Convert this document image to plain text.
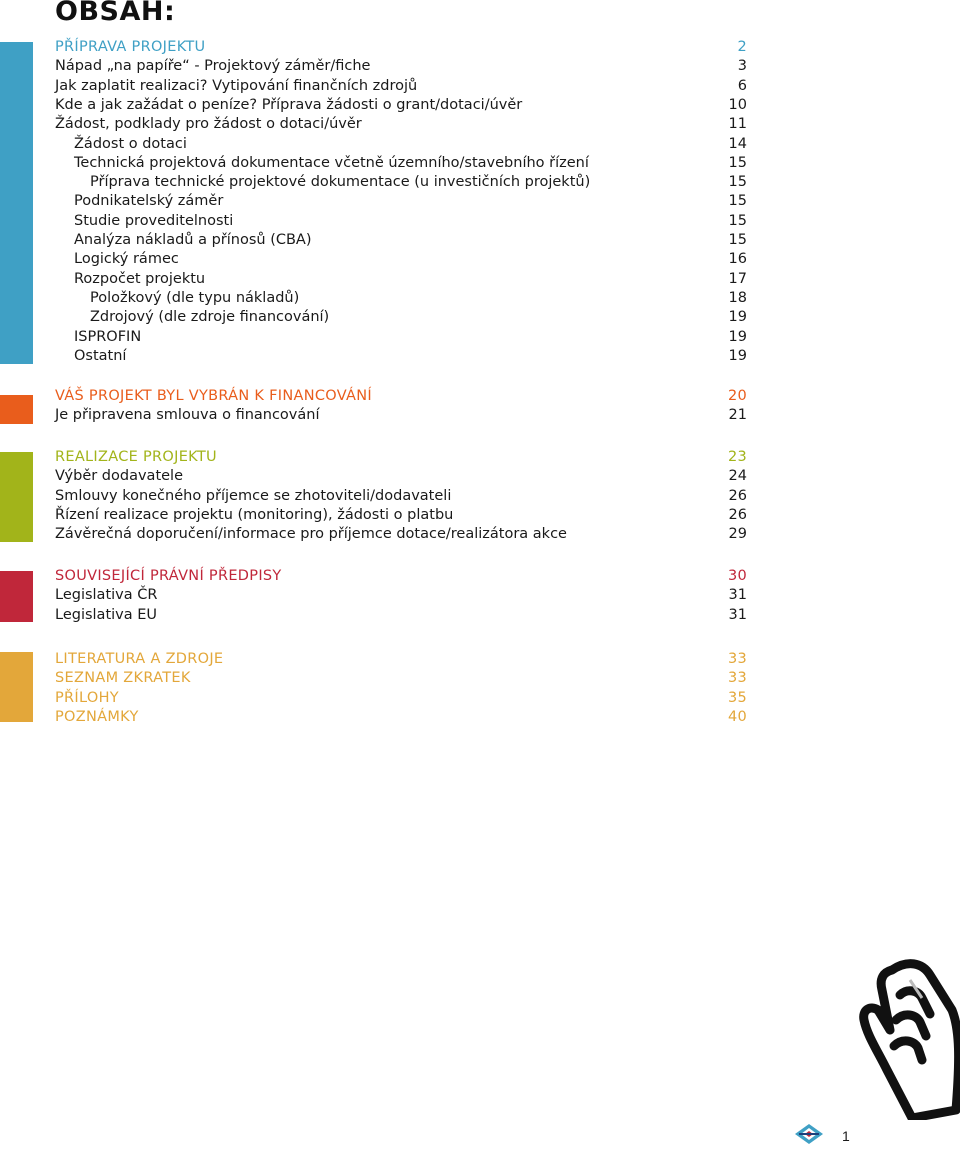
OBSAH:
PŘÍPRAVA PROJEKTU	2
Nápad „na papíře“ - Projektový záměr/fiche	3
Jak zaplatit realizaci? Vytipování finančních zdrojů	6
Kde a jak zažádat o peníze? Příprava žádosti o grant/dotaci/úvěr	10
Žádost, podklady pro žádost o dotaci/úvěr	11
Žádost o dotaci	14
Technická projektová dokumentace včetně územního/stavebního řízení	15
Příprava technické projektové dokumentace (u investičních projektů)	15
Podnikatelský záměr	15
Studie proveditelnosti	15
Analýza nákladů a přínosů (CBA)	15
Logický rámec	16
Rozpočet projektu	17
Položkový (dle typu nákladů)	18
Zdrojový (dle zdroje financování)	19
ISPROFIN	19
Ostatní	19
VÁŠ PROJEKT BYL VYBRÁN K FINANCOVÁNÍ	20
Je připravena smlouva o financování	21
REALIZACE PROJEKTU	23
Výběr dodavatele	24
Smlouvy konečného příjemce se zhotoviteli/dodavateli	26
Řízení realizace projektu (monitoring), žádosti o platbu	26
Závěrečná doporučení/informace pro příjemce dotace/realizátora akce	29
SOUVISEJÍCÍ PRÁVNÍ PŘEDPISY	30
Legislativa ČR	31
Legislativa EU	31
LITERATURA A ZDROJE	33
SEZNAM ZKRATEK	33
PŘÍLOHY	35
POZNÁMKY	40
1
